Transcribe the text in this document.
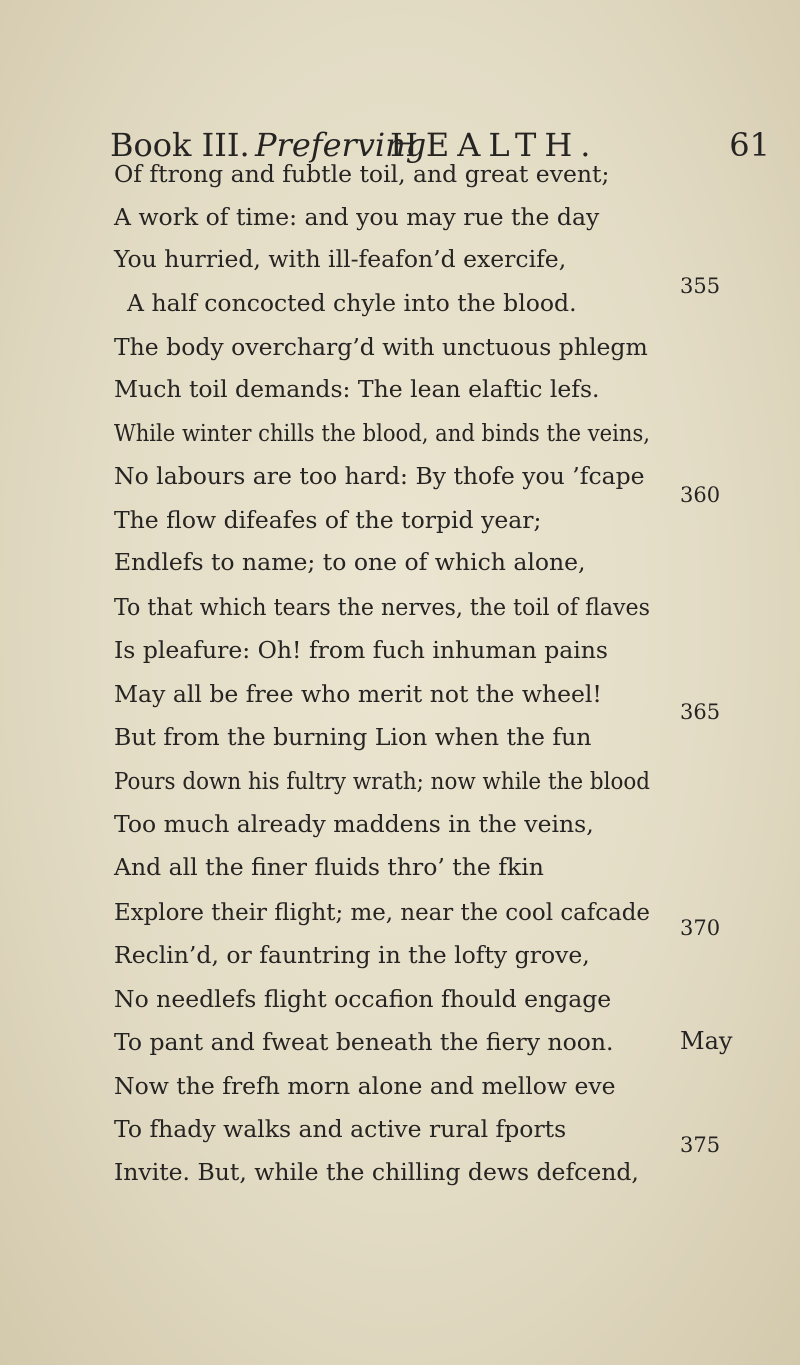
Book III. Preferving
HEALTH.	61
Of ftrong and fubtle toil, and great event;
A work of time: and you may rue the day
You hurried, with ill-feafon’d exercife,
355
A half concocted chyle into the blood.
The body overcharg’d with unctuous phlegm
Much toil demands: The lean elaftic lefs.
While winter chills the blood, and binds the veins,
No labours are too hard: By thofe you ’fcape
360
The flow difeafes of the torpid year;
Endlefs to name; to one of which alone,
To that which tears the nerves, the toil of flaves
Is pleafure: Oh! from fuch inhuman pains
May all be free who merit not the wheel!
365
But from the burning Lion when the fun
Pours down his fultry wrath; now while the blood
Too much already maddens in the veins,
And all the finer fluids thro’ the fkin
Explore their flight; me, near the cool cafcade
370
Reclin’d, or fauntring in the lofty grove,
No needlefs flight occafion fhould engage
To pant and fweat beneath the fiery noon.
Now the frefh morn alone and mellow eve
To fhady walks and active rural fports
375
Invite. But, while the chilling dews defcend,
May
